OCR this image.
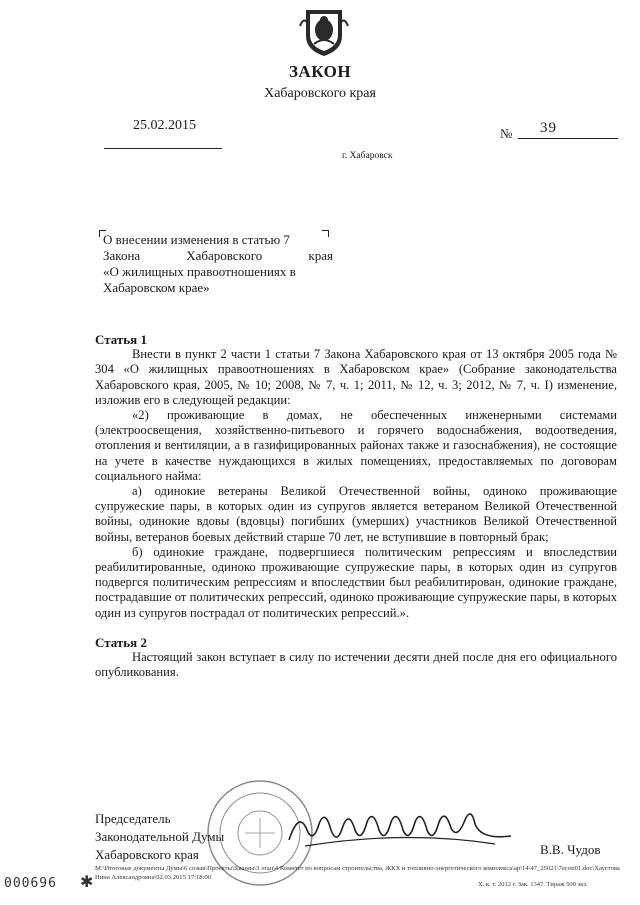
ЗАКОН
Хабаровского края
25.02.2015
№ 39
г. Хабаровск
О внесении изменения в статью 7
Закона	Хабаровского	края
«О жилищных правоотношениях в
Хабаровском крае»
Статья 1

Внести в пункт 2 части 1 статьи 7 Закона Хабаровского края от 13 октября 2005 года № 304 «О жилищных правоотношениях в Хабаровском крае» (Собрание законодательства Хабаровского края, 2005, № 10; 2008, № 7, ч. 1; 2011, № 12, ч. 3; 2012, № 7, ч. I) изменение, изложив его в следующей редакции:

«2) проживающие в домах, не обеспеченных инженерными системами (электроосвещения, хозяйственно-питьевого и горячего водоснабжения, водоотведения, отопления и вентиляции, а в газифицированных районах также и газоснабжения), не состоящие на учете в качестве нуждающихся в жилых помещениях, предоставляемых по договорам социального найма:

а) одинокие ветераны Великой Отечественной войны, одиноко проживающие супружеские пары, в которых один из супругов является ветераном Великой Отечественной войны, одинокие вдовы (вдовцы) погибших (умерших) участников Великой Отечественной войны, ветеранов боевых действий старше 70 лет, не вступившие в повторный брак;

б) одинокие граждане, подвергшиеся политическим репрессиям и впоследствии реабилитированные, одиноко проживающие супружеские пары, в которых один из супругов подвергся политическим репрессиям и впоследствии был реабилитирован, одинокие граждане, пострадавшие от политических репрессий, одиноко проживающие супружеские пары, в которых один из супругов пострадал от политических репрессий.».

Статья 2

Настоящий закон вступает в силу по истечении десяти дней после дня его официального опубликования.

Председатель
Законодательной Думы
Хабаровского края	В.В. Чудов
M:\Итоговые документы Думы\6 созыв\Проекты\Законы\3 этап\4 Комитет по вопросам строительства, ЖКХ и топливно-энергетического комплекса\ap\14\47_25021\7ecoп01.doc\Хаустова Нина Александровна\02.03.2015 17:18:00
Х. к. т. 2012 г. Зак. 1347. Тираж 500 экз.
000696 ✱
